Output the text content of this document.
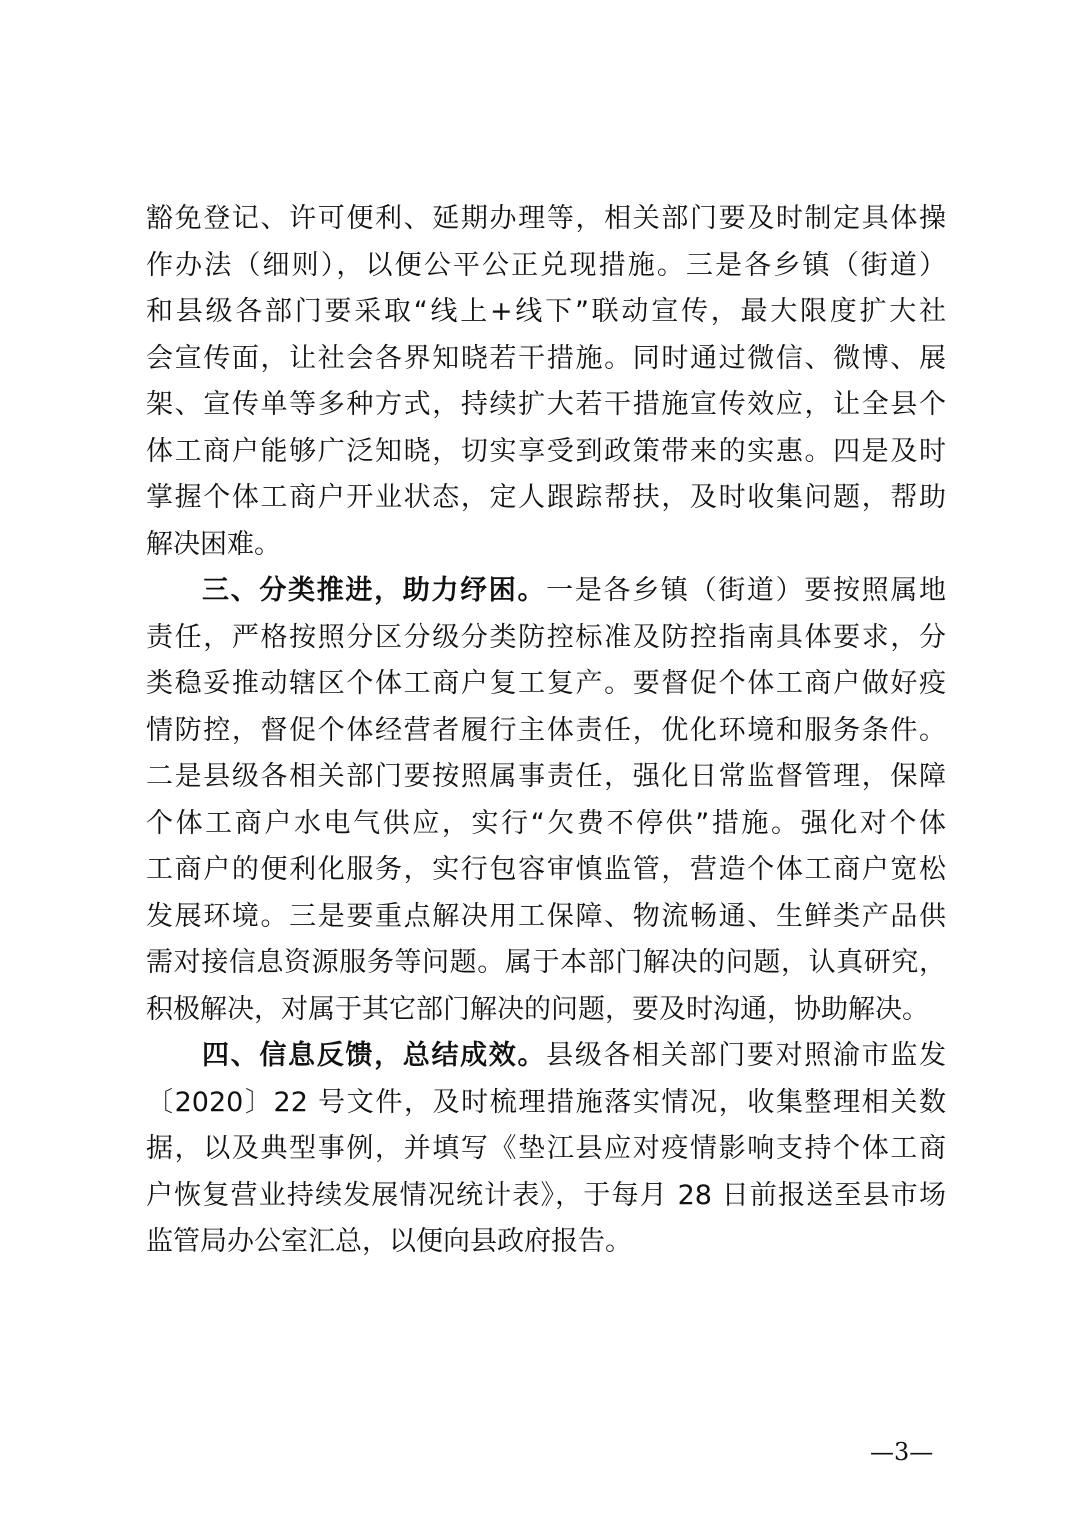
豁免登记、许可便利、延期办理等，相关部门要及时制定具体操
作办法（细则），以便公平公正兑现措施。三是各乡镇（街道）
和县级各部门要采取“线上+线下”联动宣传，最大限度扩大社
会宣传面，让社会各界知晓若干措施。同时通过微信、微博、展
架、宣传单等多种方式，持续扩大若干措施宣传效应，让全县个
体工商户能够广泛知晓，切实享受到政策带来的实惠。四是及时
掌握个体工商户开业状态，定人跟踪帮扶，及时收集问题，帮助
解决困难。
三、分类推进，助力纾困。一是各乡镇（街道）要按照属地
责任，严格按照分区分级分类防控标准及防控指南具体要求，分
类稳妥推动辖区个体工商户复工复产。要督促个体工商户做好疫
情防控，督促个体经营者履行主体责任，优化环境和服务条件。
二是县级各相关部门要按照属事责任，强化日常监督管理，保障
个体工商户水电气供应，实行“欠费不停供”措施。强化对个体
工商户的便利化服务，实行包容审慎监管，营造个体工商户宽松
发展环境。三是要重点解决用工保障、物流畅通、生鲜类产品供
需对接信息资源服务等问题。属于本部门解决的问题，认真研究，
积极解决，对属于其它部门解决的问题，要及时沟通，协助解决。
四、信息反馈，总结成效。县级各相关部门要对照渝市监发
〔2020〕22 号文件，及时梳理措施落实情况，收集整理相关数
据，以及典型事例，并填写《垫江县应对疫情影响支持个体工商
户恢复营业持续发展情况统计表》，于每月 28 日前报送至县市场
监管局办公室汇总，以便向县政府报告。
—3—
